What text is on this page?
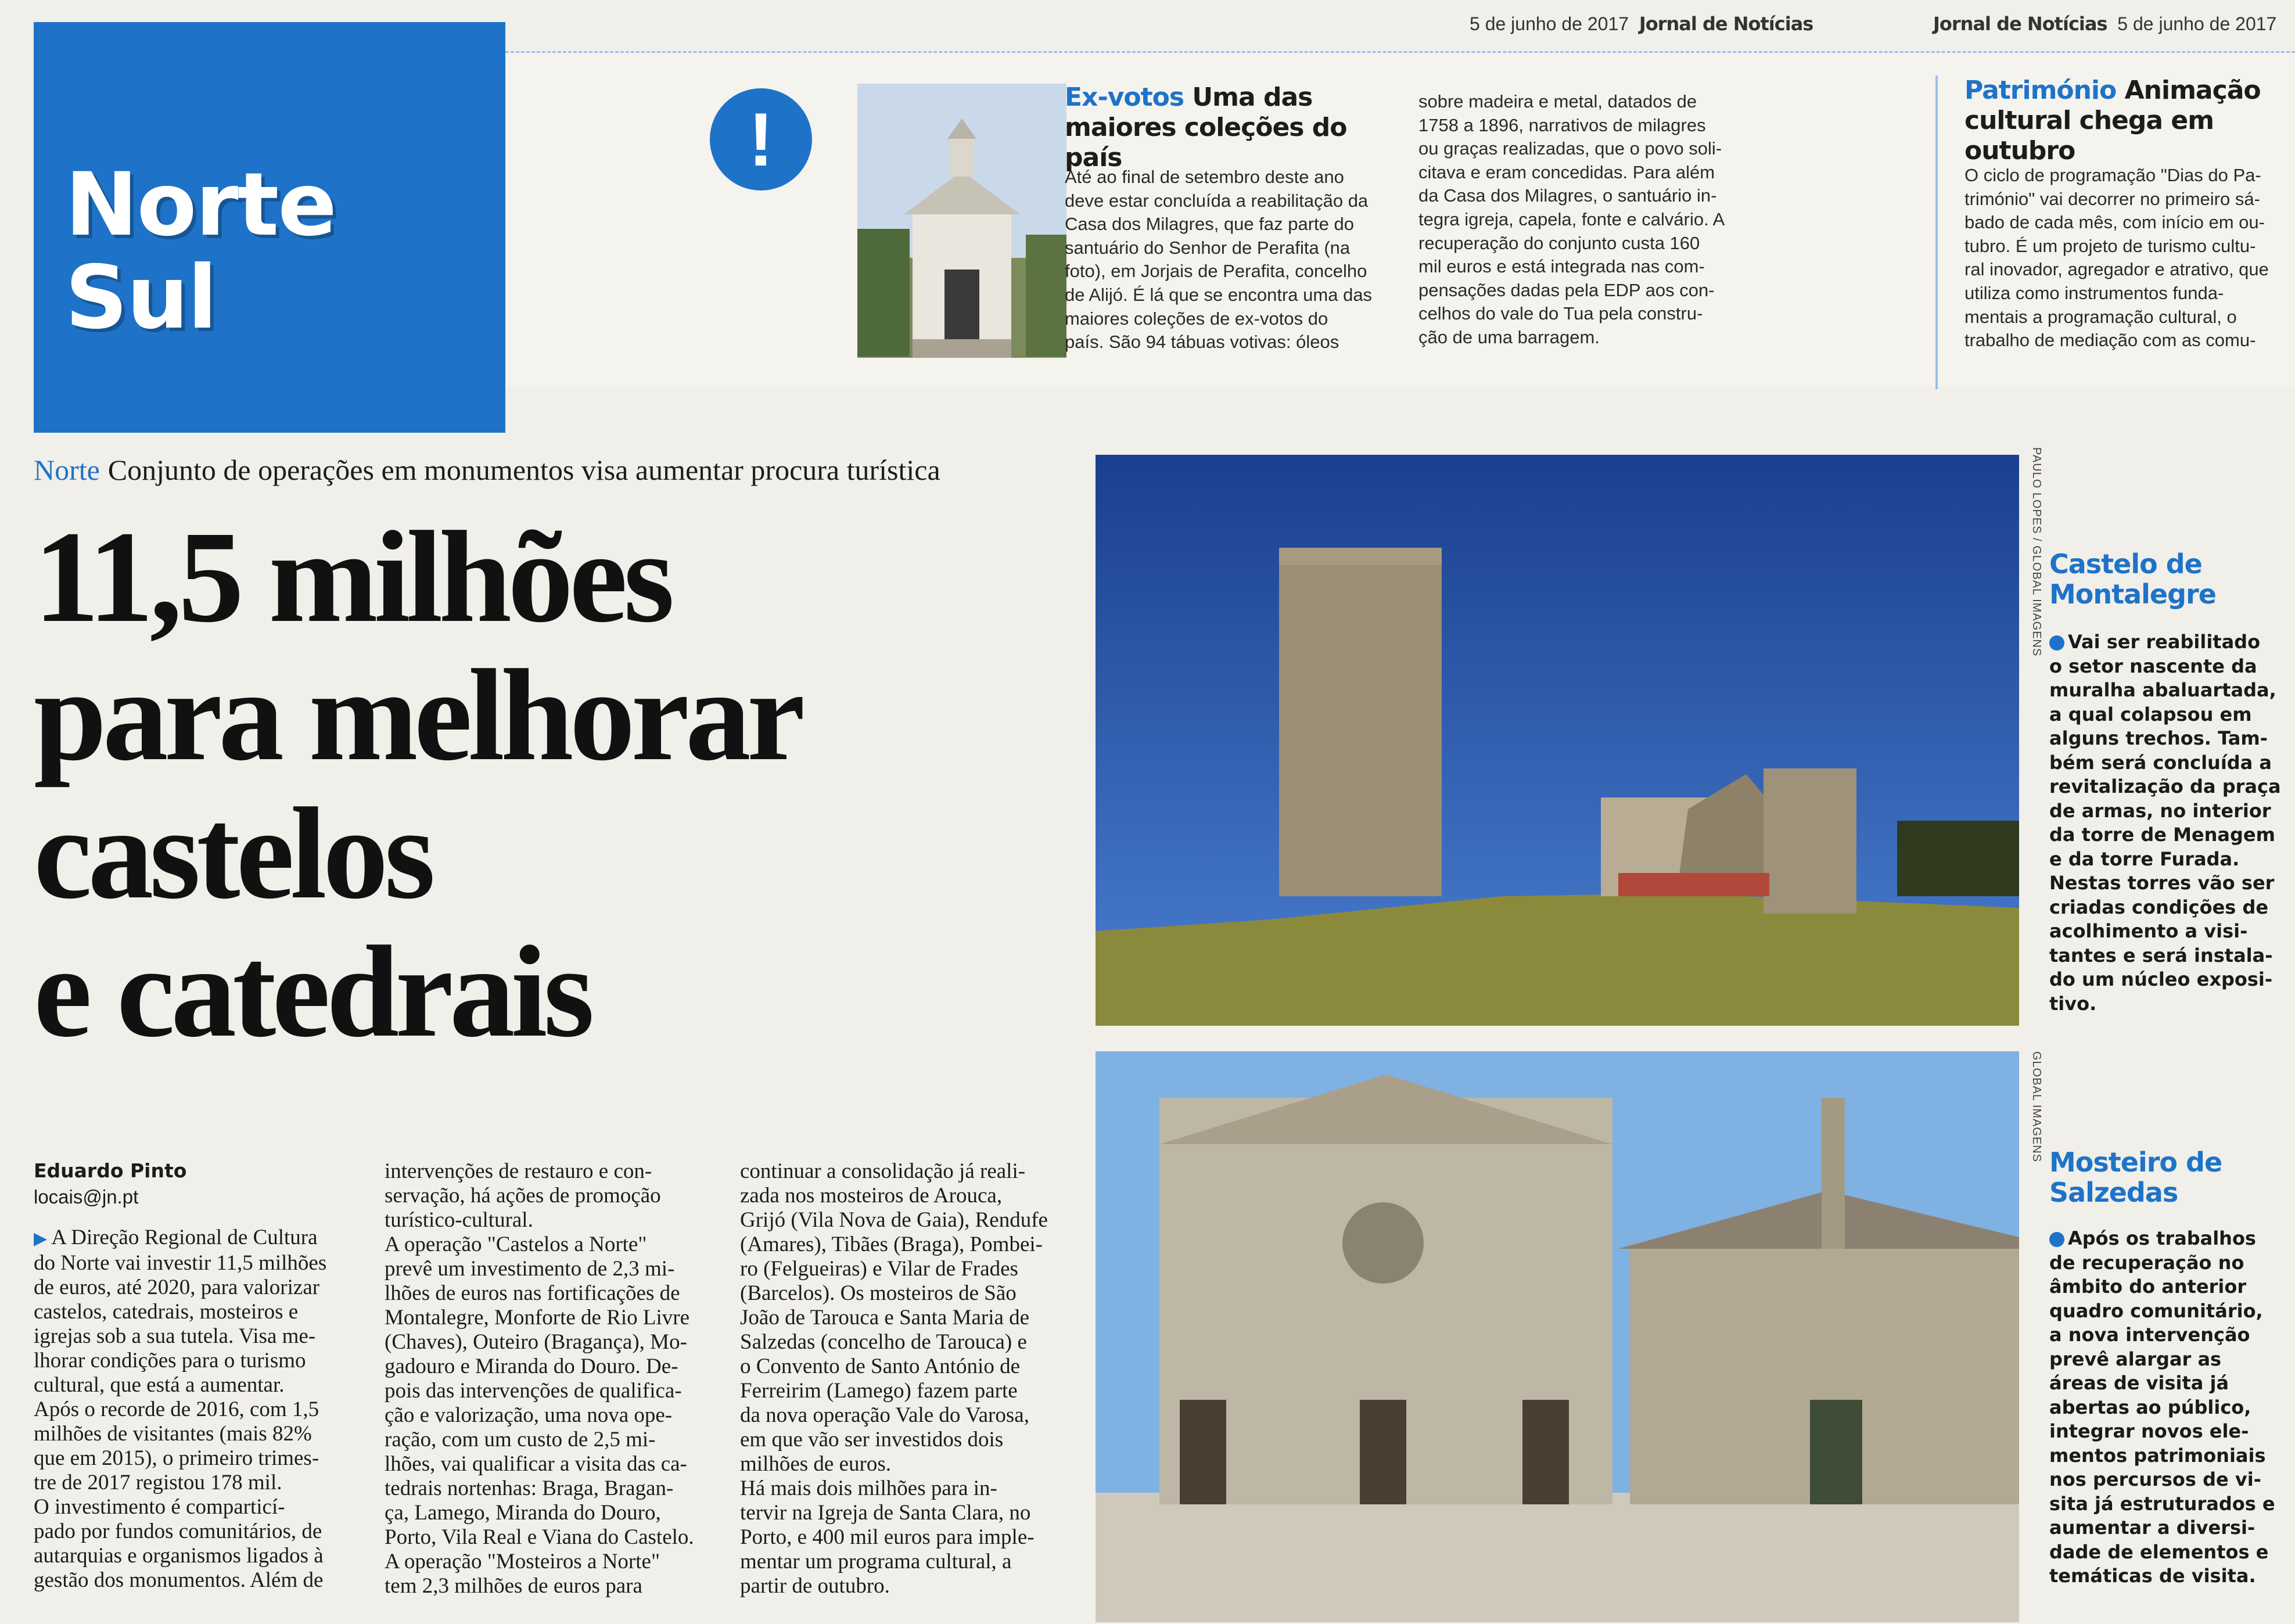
5 de junho de 2017 Jornal de Notícias	Jornal de Notícias 5 de junho de 2017
Norte
Sul
!	Ex-votos Uma das maiores coleções do país
Até ao final de setembro deste ano
deve estar concluída a reabilitação da
Casa dos Milagres, que faz parte do
santuário do Senhor de Perafita (na
foto), em Jorjais de Perafita, concelho
de Alijó. É lá que se encontra uma das
maiores coleções de ex-votos do
país. São 94 tábuas votivas: óleos
sobre madeira e metal, datados de
1758 a 1896, narrativos de milagres
ou graças realizadas, que o povo soli-
citava e eram concedidas. Para além
da Casa dos Milagres, o santuário in-
tegra igreja, capela, fonte e calvário. A
recuperação do conjunto custa 160
mil euros e está integrada nas com-
pensações dadas pela EDP aos con-
celhos do vale do Tua pela constru-
ção de uma barragem.
Património Animação cultural chega em outubro
O ciclo de programação "Dias do Pa-
trimónio" vai decorrer no primeiro sá-
bado de cada mês, com início em ou-
tubro. É um projeto de turismo cultu-
ral inovador, agregador e atrativo, que
utiliza como instrumentos funda-
mentais a programação cultural, o
trabalho de mediação com as comu-
Norte Conjunto de operações em monumentos visa aumentar procura turística
11,5 milhões
para melhorar
castelos
e catedrais
Eduardo Pinto
locais@jn.pt
▶ A Direção Regional de Cultura
do Norte vai investir 11,5 milhões
de euros, até 2020, para valorizar
castelos, catedrais, mosteiros e
igrejas sob a sua tutela. Visa me-
lhorar condições para o turismo
cultural, que está a aumentar.
Após o recorde de 2016, com 1,5
milhões de visitantes (mais 82%
que em 2015), o primeiro trimes-
tre de 2017 registou 178 mil.
O investimento é comparticí-
pado por fundos comunitários, de
autarquias e organismos ligados à
gestão dos monumentos. Além de
intervenções de restauro e con-
servação, há ações de promoção
turístico-cultural.
A operação "Castelos a Norte"
prevê um investimento de 2,3 mi-
lhões de euros nas fortificações de
Montalegre, Monforte de Rio Livre
(Chaves), Outeiro (Bragança), Mo-
gadouro e Miranda do Douro. De-
pois das intervenções de qualifica-
ção e valorização, uma nova ope-
ração, com um custo de 2,5 mi-
lhões, vai qualificar a visita das ca-
tedrais nortenhas: Braga, Bragan-
ça, Lamego, Miranda do Douro,
Porto, Vila Real e Viana do Castelo.
A operação "Mosteiros a Norte"
tem 2,3 milhões de euros para
continuar a consolidação já reali-
zada nos mosteiros de Arouca,
Grijó (Vila Nova de Gaia), Rendufe
(Amares), Tibães (Braga), Pombei-
ro (Felgueiras) e Vilar de Frades
(Barcelos). Os mosteiros de São
João de Tarouca e Santa Maria de
Salzedas (concelho de Tarouca) e
o Convento de Santo António de
Ferreirim (Lamego) fazem parte
da nova operação Vale do Varosa,
em que vão ser investidos dois
milhões de euros.
Há mais dois milhões para in-
tervir na Igreja de Santa Clara, no
Porto, e 400 mil euros para imple-
mentar um programa cultural, a
partir de outubro.
PAULO LOPES / GLOBAL IMAGENS
GLOBAL IMAGENS
Castelo de Montalegre
Vai ser reabilitado
o setor nascente da
muralha abaluartada,
a qual colapsou em
alguns trechos. Tam-
bém será concluída a
revitalização da praça
de armas, no interior
da torre de Menagem
e da torre Furada.
Nestas torres vão ser
criadas condições de
acolhimento a visi-
tantes e será instala-
do um núcleo exposi-
tivo.
Mosteiro de Salzedas
Após os trabalhos
de recuperação no
âmbito do anterior
quadro comunitário,
a nova intervenção
prevê alargar as
áreas de visita já
abertas ao público,
integrar novos ele-
mentos patrimoniais
nos percursos de vi-
sita já estruturados e
aumentar a diversi-
dade de elementos e
temáticas de visita.
